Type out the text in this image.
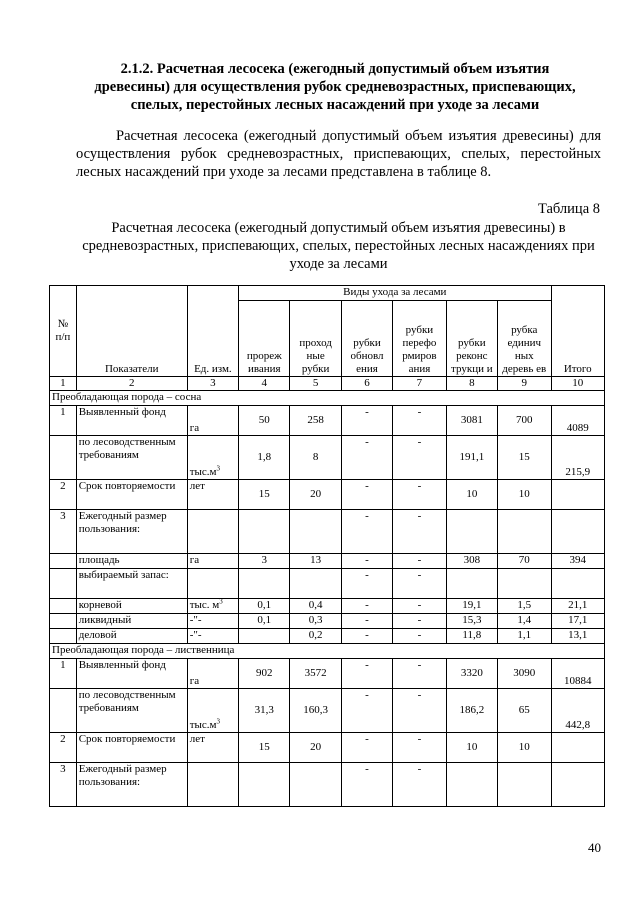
2.1.2. Расчетная лесосека (ежегодный допустимый объем изъятия древесины) для осуществления рубок средневозрастных, приспевающих, спелых, перестойных лесных насаждений при уходе за лесами
Расчетная лесосека (ежегодный допустимый объем изъятия древесины) для осуществления рубок средневозрастных, приспевающих, спелых, перестойных лесных насаждений при уходе за лесами представлена в таблице 8.
Таблица 8
Расчетная лесосека (ежегодный допустимый объем изъятия древесины) в средневозрастных, приспевающих, спелых, перестойных лесных насаждениях при уходе за лесами
№ п/п	Показатели	Ед. изм.	Виды ухода за лесами						Итого
			прореж ивания	проход ные рубки	рубки обновл ения	рубки перефо рмиров ания	рубки реконс трукци и	рубка единич ных деревь ев	
1	2	3	4	5	6	7	8	9	10
Преобладающая порода – сосна									
1	Выявленный фонд	га	50	258	-	-	3081	700	4089
	по лесоводственным требованиям	$тыс.м^3$	1,8	8	-	-	191,1	15	215,9
2	Срок повторяемости	лет	15	20	-	-	10	10	
3	Ежегодный размер пользования:				-	-			
	площадь	га	3	13	-	-	308	70	394
	выбираемый запас:				-	-			
	корневой	тыс. $м^3$	0,1	0,4	-	-	19,1	1,5	21,1
	ликвидный	-"-	0,1	0,3	-	-	15,3	1,4	17,1
	деловой	-"-		0,2	-	-	11,8	1,1	13,1
Преобладающая порода – лиственница									
1	Выявленный фонд	га	902	3572	-	-	3320	3090	10884
	по лесоводственным требованиям	$тыс.м^3$	31,3	160,3	-	-	186,2	65	442,8
2	Срок повторяемости	лет	15	20	-	-	10	10	
3	Ежегодный размер пользования:				-	-			
40
